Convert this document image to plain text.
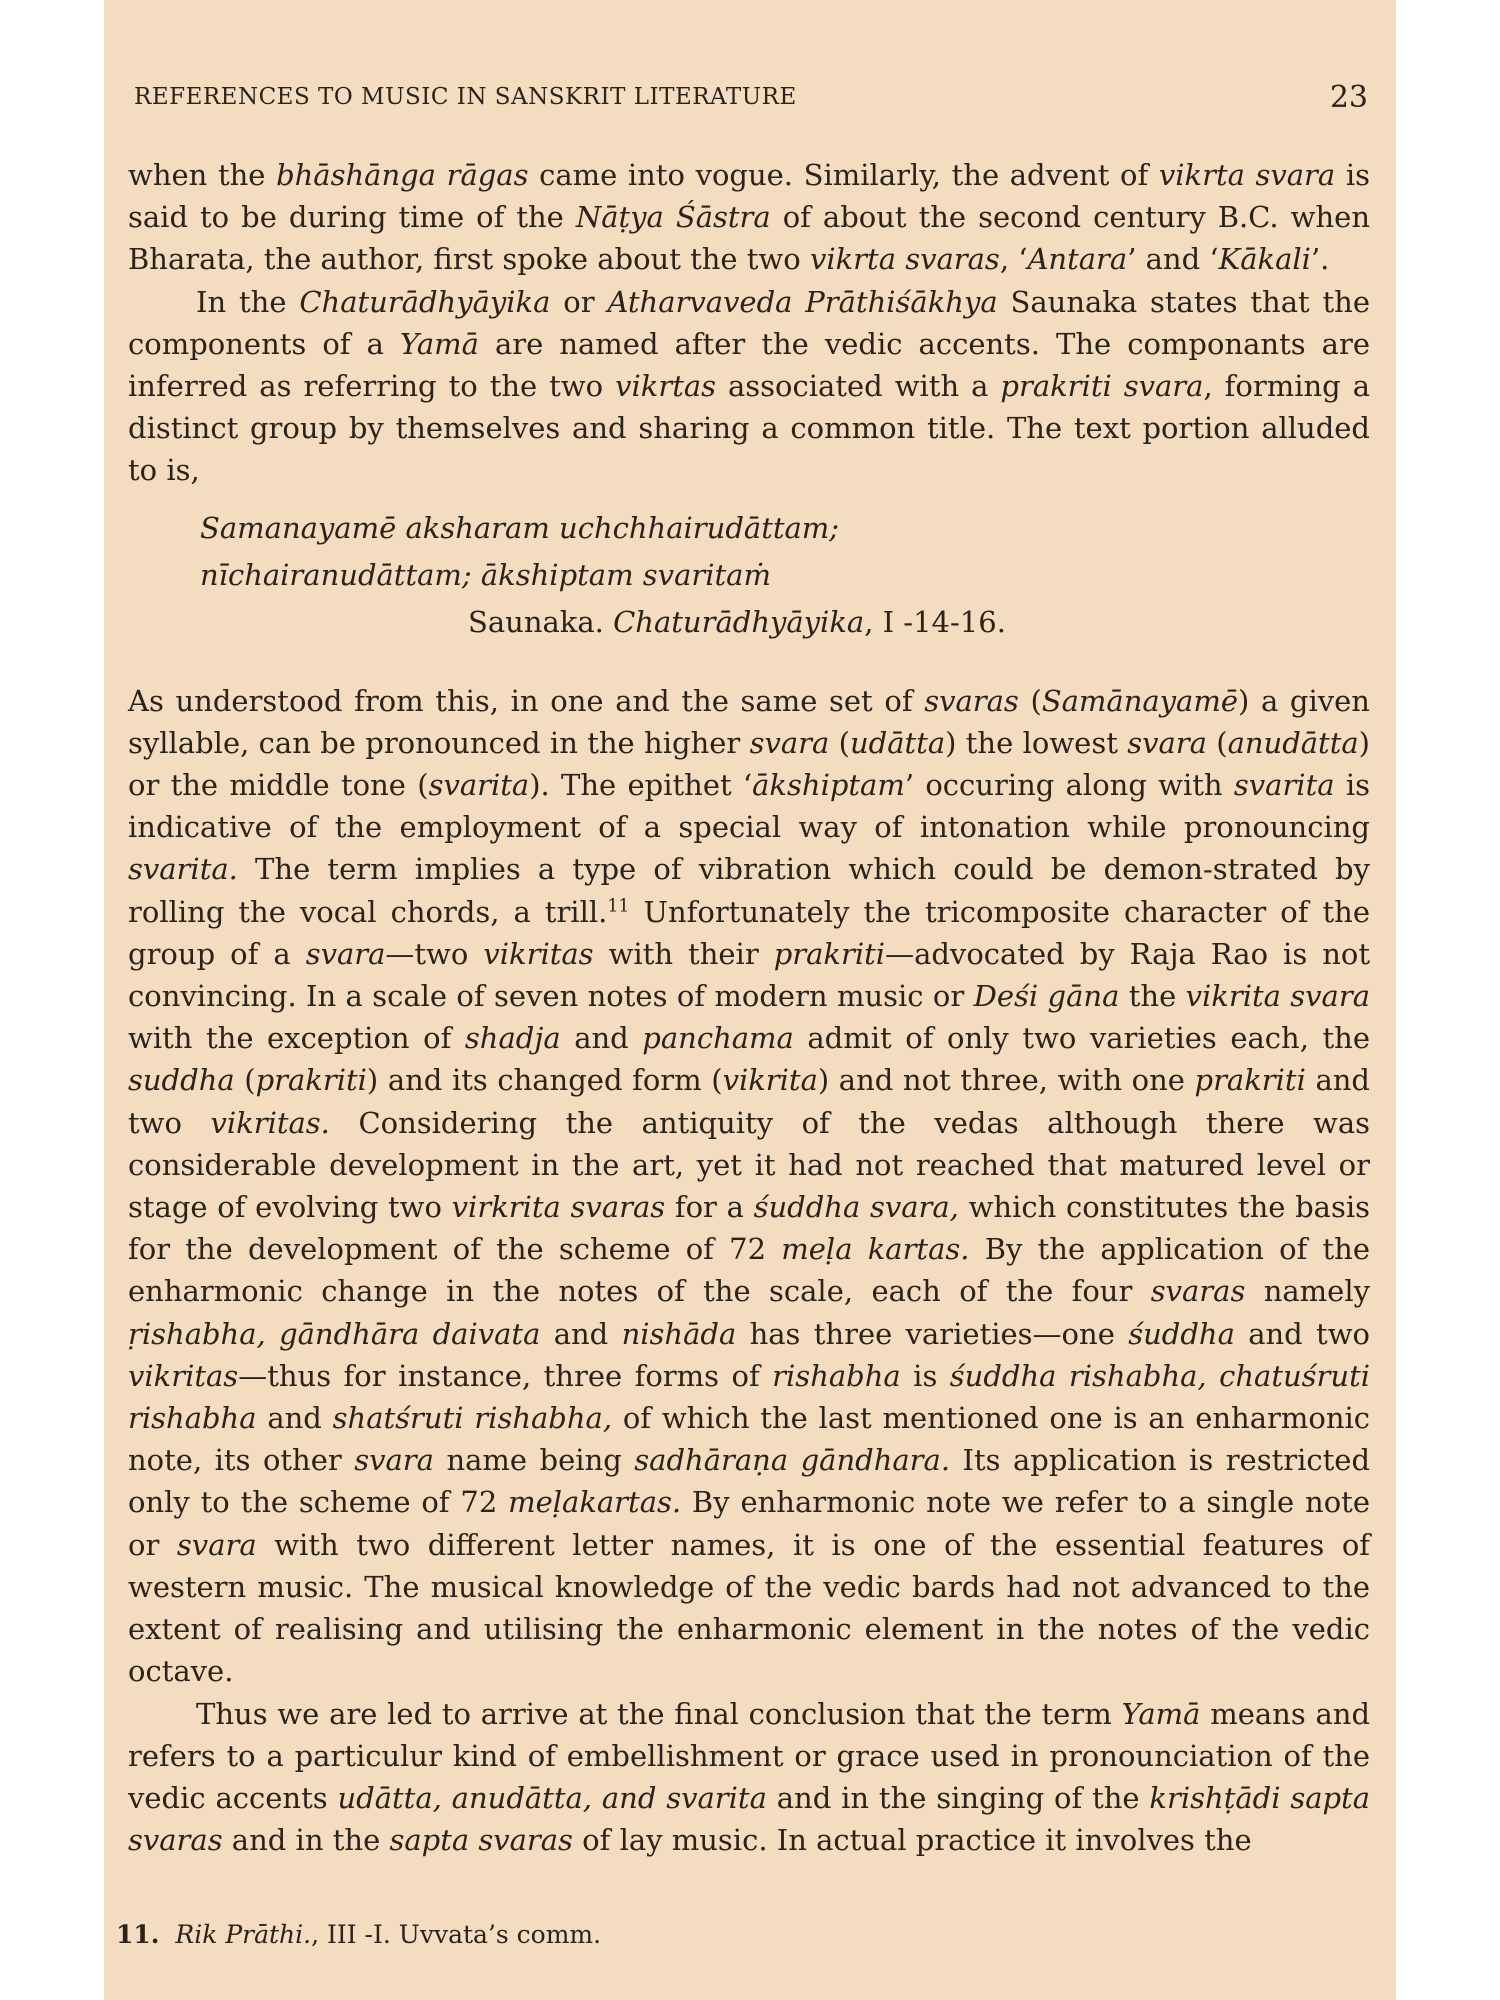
REFERENCES TO MUSIC IN SANSKRIT LITERATURE	23

when the bhāshānga rāgas came into vogue. Similarly, the advent of vikrta svara is said to be during time of the Nāṭya Śāstra of about the second century B.C. when Bharata, the author, first spoke about the two vikrta svaras, ‘Antara’ and ‘Kākali’.

In the Chaturādhyāyika or Atharvaveda Prāthiśākhya Saunaka states that the components of a Yamā are named after the vedic accents. The componants are inferred as referring to the two vikrtas associated with a prakriti svara, forming a distinct group by themselves and sharing a common title. The text portion alluded to is,

Samanayamē aksharam uchchhairudāttam;
nīchairanudāttam; ākshiptam svaritaṁ
Saunaka. Chaturādhyāyika, I -14-16.

As understood from this, in one and the same set of svaras (Samānayamē) a given syllable, can be pronounced in the higher svara (udātta) the lowest svara (anudātta) or the middle tone (svarita). The epithet ‘ākshiptam’ occuring along with svarita is indicative of the employment of a special way of intonation while pronouncing svarita. The term implies a type of vibration which could be demon-strated by rolling the vocal chords, a trill.$^{11}$ Unfortunately the tricomposite character of the group of a svara—two vikritas with their prakriti—advocated by Raja Rao is not convincing. In a scale of seven notes of modern music or Deśi gāna the vikrita svara with the exception of shadja and panchama admit of only two varieties each, the suddha (prakriti) and its changed form (vikrita) and not three, with one prakriti and two vikritas. Considering the antiquity of the vedas although there was considerable development in the art, yet it had not reached that matured level or stage of evolving two virkrita svaras for a śuddha svara, which constitutes the basis for the development of the scheme of 72 meḷa kartas. By the application of the enharmonic change in the notes of the scale, each of the four svaras namely ṛishabha, gāndhāra daivata and nishāda has three varieties—one śuddha and two vikritas—thus for instance, three forms of rishabha is śuddha rishabha, chatuśruti rishabha and shatśruti rishabha, of which the last mentioned one is an enharmonic note, its other svara name being sadhāraṇa gāndhara. Its application is restricted only to the scheme of 72 meḷakartas. By enharmonic note we refer to a single note or svara with two different letter names, it is one of the essential features of western music. The musical knowledge of the vedic bards had not advanced to the extent of realising and utilising the enharmonic element in the notes of the vedic octave.

Thus we are led to arrive at the final conclusion that the term Yamā means and refers to a particulur kind of embellishment or grace used in pronounciation of the vedic accents udātta, anudātta, and svarita and in the singing of the krishṭādi sapta svaras and in the sapta svaras of lay music. In actual practice it involves the

11. Rik Prāthi., III -I. Uvvata’s comm.
